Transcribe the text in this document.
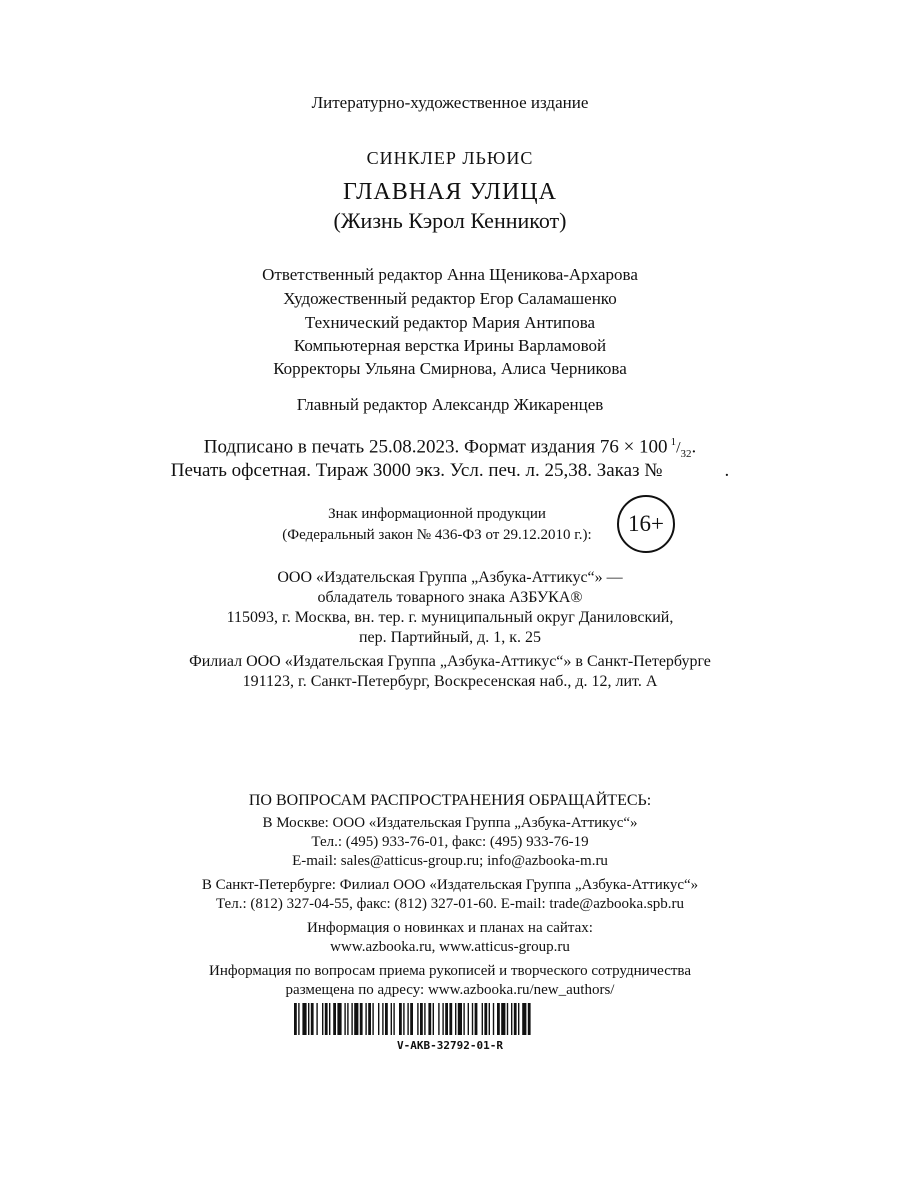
Литературно-художественное издание
СИНКЛЕР ЛЬЮИС
ГЛАВНАЯ УЛИЦА
(Жизнь Кэрол Кенникот)
Ответственный редактор Анна Щеникова-Архарова
Художественный редактор Егор Саламашенко
Технический редактор Мария Антипова
Компьютерная верстка Ирины Варламовой
Корректоры Ульяна Смирнова, Алиса Черникова
Главный редактор Александр Жикаренцев
Подписано в печать 25.08.2023. Формат издания 76 × 100 $^1/_{32}$.
Печать офсетная. Тираж 3000 экз. Усл. печ. л. 25,38. Заказ №	.
Знак информационной продукции
(Федеральный закон № 436-ФЗ от 29.12.2010 г.):	16+
ООО «Издательская Группа „Азбука-Аттикус“» —
обладатель товарного знака АЗБУКА®
115093, г. Москва, вн. тер. г. муниципальный округ Даниловский,
пер. Партийный, д. 1, к. 25
Филиал ООО «Издательская Группа „Азбука-Аттикус“» в Санкт-Петербурге
191123, г. Санкт-Петербург, Воскресенская наб., д. 12, лит. А
ПО ВОПРОСАМ РАСПРОСТРАНЕНИЯ ОБРАЩАЙТЕСЬ:
В Москве: ООО «Издательская Группа „Азбука-Аттикус“»
Тел.: (495) 933-76-01, факс: (495) 933-76-19
E-mail: sales@atticus-group.ru; info@azbooka-m.ru
В Санкт-Петербурге: Филиал ООО «Издательская Группа „Азбука-Аттикус“»
Тел.: (812) 327-04-55, факс: (812) 327-01-60. E-mail: trade@azbooka.spb.ru
Информация о новинках и планах на сайтах:
www.azbooka.ru, www.atticus-group.ru
Информация по вопросам приема рукописей и творческого сотрудничества
размещена по адресу: www.azbooka.ru/new_authors/
V-AKB-32792-01-R
